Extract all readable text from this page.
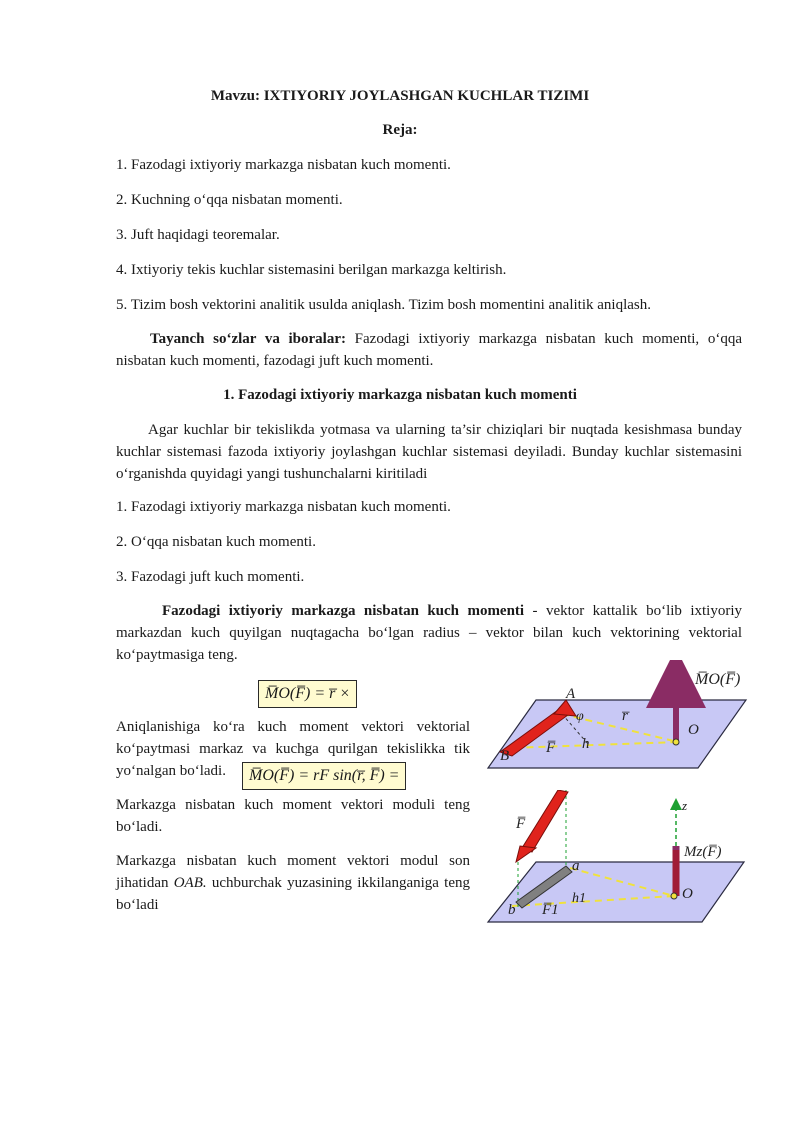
Mavzu: IXTIYORIY JOYLASHGAN KUCHLAR TIZIMI
Reja:
1. Fazodagi ixtiyoriy markazga nisbatan kuch momenti.
2. Kuchning o‘qqa nisbatan momenti.
3. Juft haqidagi teoremalar.
4. Ixtiyoriy tekis kuchlar sistemasini berilgan markazga keltirish.
5. Tizim bosh vektorini analitik usulda aniqlash. Tizim bosh momentini analitik aniqlash.
Tayanch so‘zlar va iboralar: Fazodagi ixtiyoriy markazga nisbatan kuch momenti, o‘qqa nisbatan kuch momenti, fazodagi juft kuch momenti.
1. Fazodagi ixtiyoriy markazga nisbatan kuch momenti
Agar kuchlar bir tekislikda yotmasa va ularning ta’sir chiziqlari bir nuqtada kesishmasa bunday kuchlar sistemasi fazoda ixtiyoriy joylashgan kuchlar sistemasi deyiladi. Bunday kuchlar sistemasini o‘rganishda quyidagi yangi tushunchalarni kiritiladi
1. Fazodagi ixtiyoriy markazga nisbatan kuch momenti.
2. O‘qqa nisbatan kuch momenti.
3. Fazodagi juft kuch momenti.
Fazodagi ixtiyoriy markazga nisbatan kuch momenti - vektor kattalik bo‘lib ixtiyoriy markazdan kuch quyilgan nuqtagacha bo‘lgan radius – vektor bilan kuch vektorining vektorial ko‘paytmasiga teng.
M̅O(F̅) = r̅ ×
Aniqlanishiga ko‘ra kuch moment vektori vektorial ko‘paytmasi markaz va kuchga qurilgan tekislikka tik yo‘nalgan bo‘ladi.	M̅O(F̅) = rF sin(r̅, F̅) =
Markazga nisbatan kuch moment vektori moduli teng bo‘ladi.
Markazga nisbatan kuch moment vektori modul son jihatidan OAB. uchburchak yuzasining ikkilanganiga teng bo‘ladi
M̅O(F̅)
A
B
O
r̅
F̅ h
φ
z
Mz(F̅)
F̅
F̅1
a
b
O
h1
